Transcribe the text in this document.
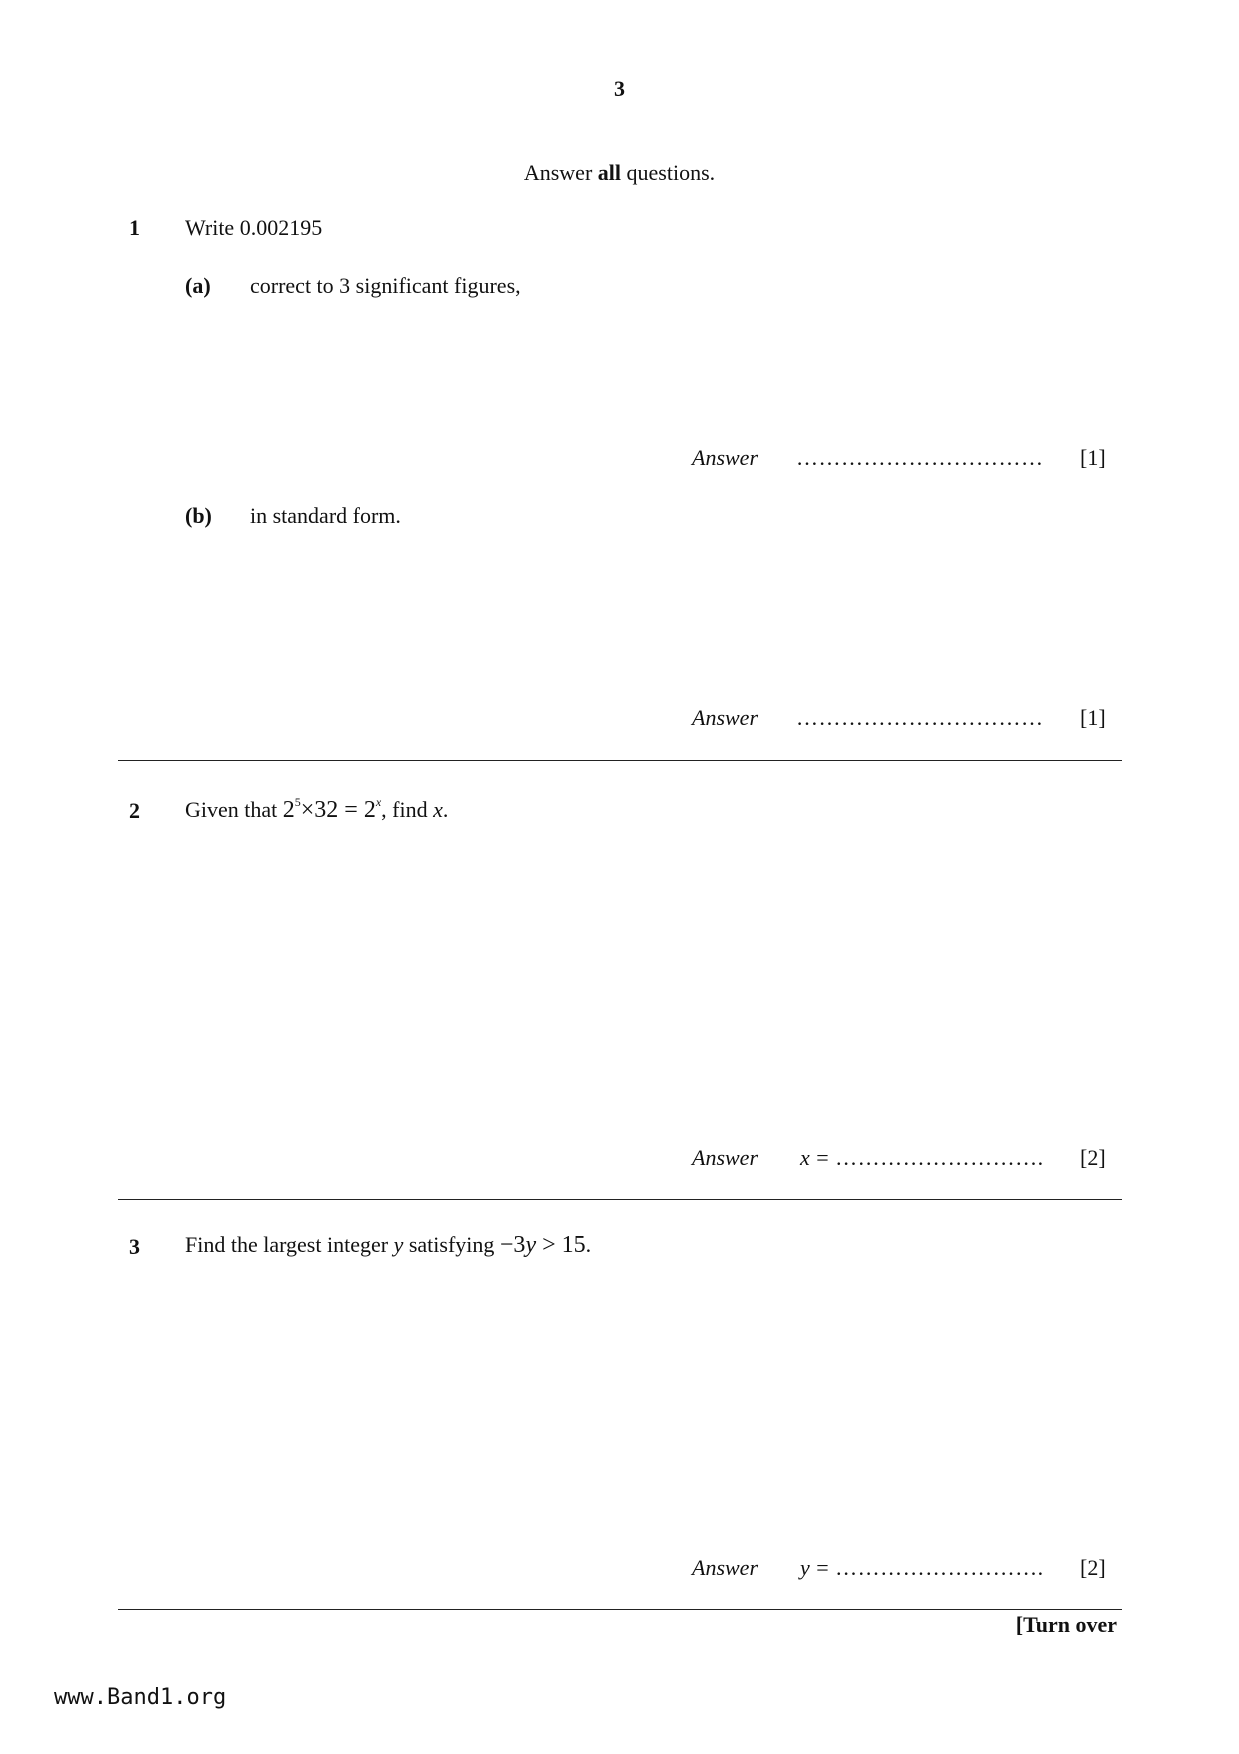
3
Answer all questions.
1 Write 0.002195
(a) correct to 3 significant figures,
Answer …………………………… [1]
(b) in standard form.
Answer …………………………… [1]
2 Given that $2^5\times 32 = 2^x$, find x.
Answer x = ………………………. [2]
3 Find the largest integer y satisfying −3y > 15.
Answer y = ………………………. [2]
[Turn over
www.Band1.org
